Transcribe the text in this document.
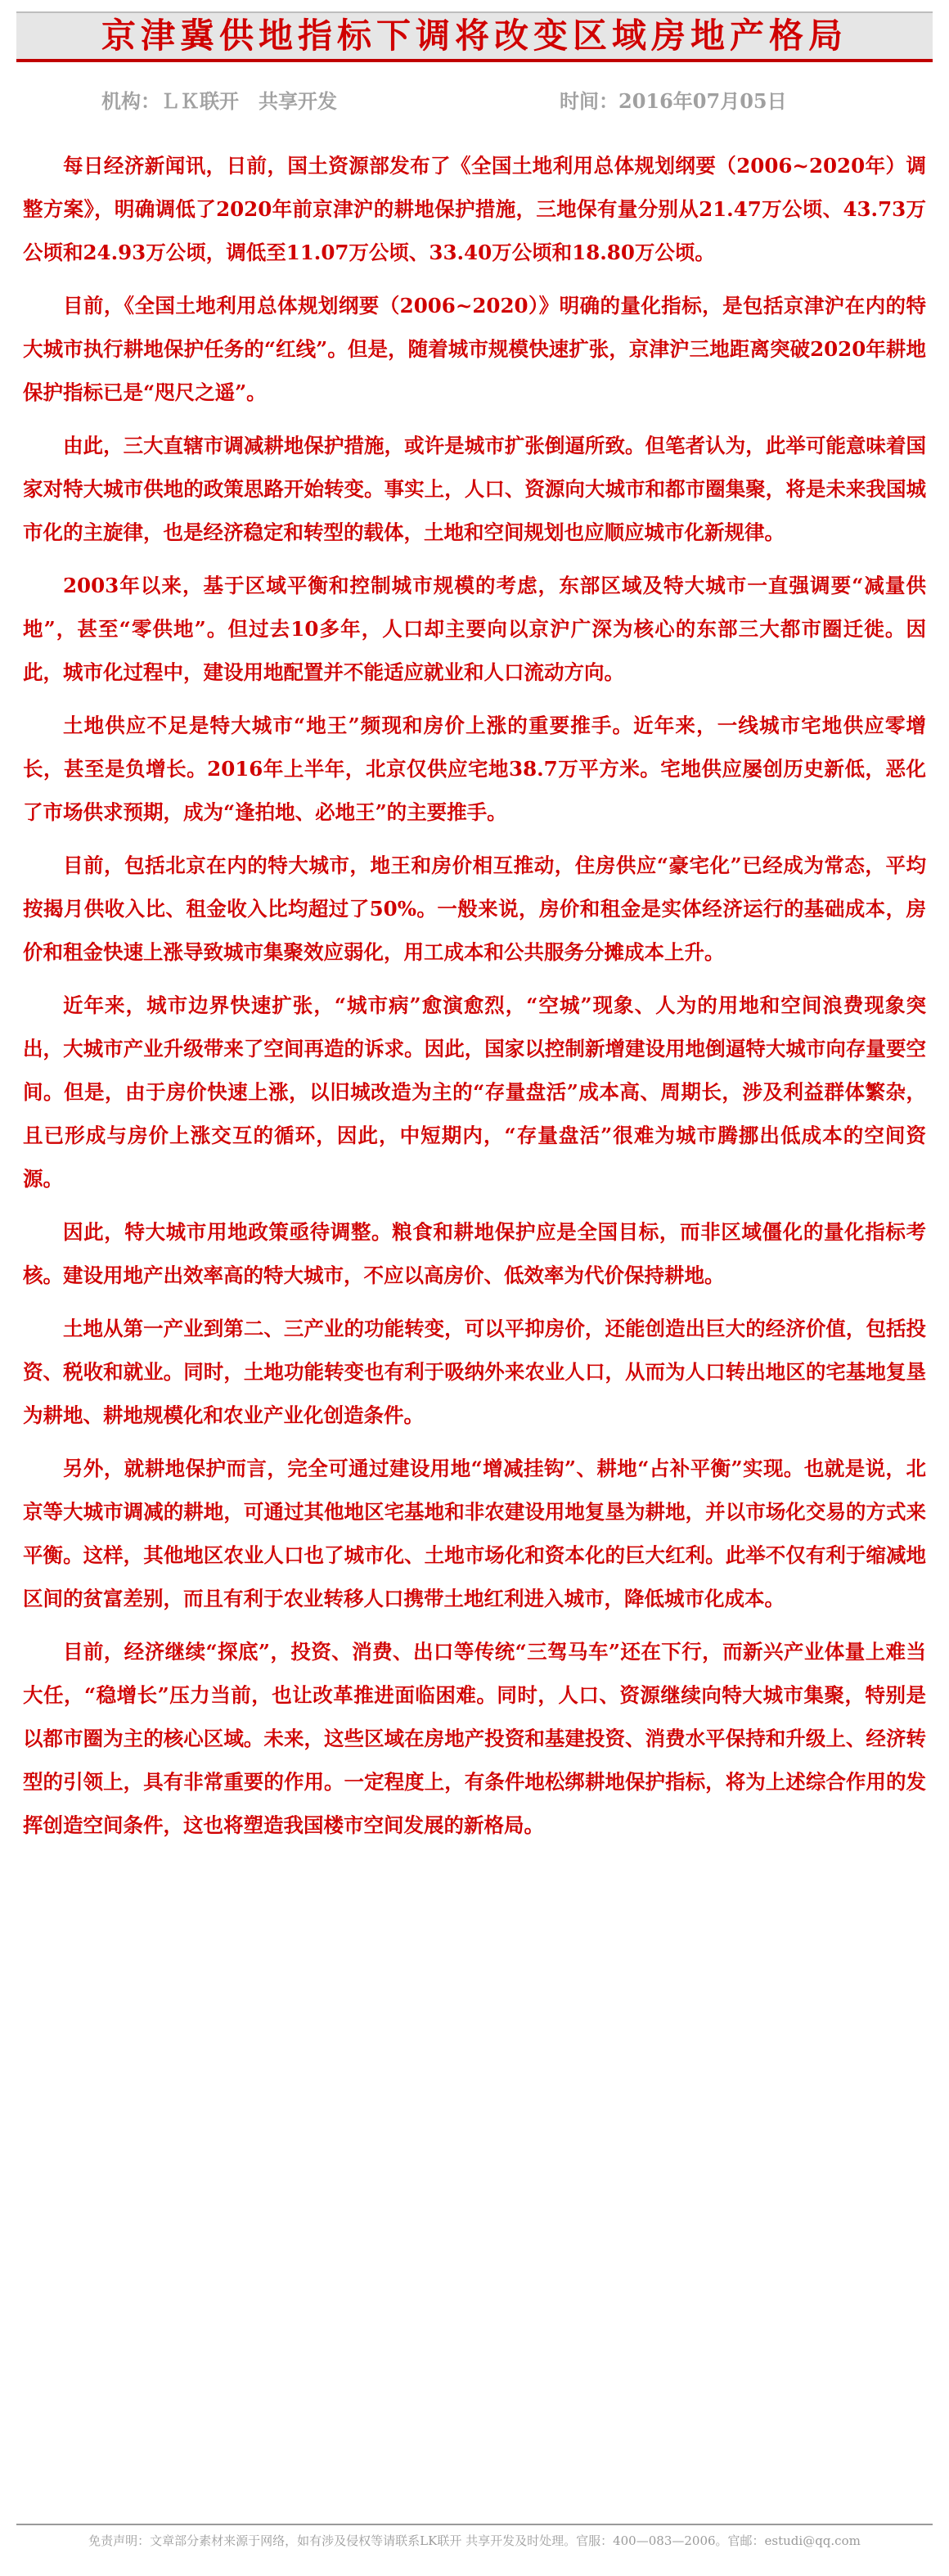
京津冀供地指标下调将改变区域房地产格局
机构：ＬＫ联开　共享开发	时间：2016年07月05日

每日经济新闻讯，日前，国土资源部发布了《全国土地利用总体规划纲要（2006~2020年）调整方案》，明确调低了2020年前京津沪的耕地保护措施，三地保有量分别从21.47万公顷、43.73万公顷和24.93万公顷，调低至11.07万公顷、33.40万公顷和18.80万公顷。

目前，《全国土地利用总体规划纲要（2006~2020）》明确的量化指标，是包括京津沪在内的特大城市执行耕地保护任务的“红线”。但是，随着城市规模快速扩张，京津沪三地距离突破2020年耕地保护指标已是“咫尺之遥”。

由此，三大直辖市调减耕地保护措施，或许是城市扩张倒逼所致。但笔者认为，此举可能意味着国家对特大城市供地的政策思路开始转变。事实上，人口、资源向大城市和都市圈集聚，将是未来我国城市化的主旋律，也是经济稳定和转型的载体，土地和空间规划也应顺应城市化新规律。

2003年以来，基于区域平衡和控制城市规模的考虑，东部区域及特大城市一直强调要“减量供地”，甚至“零供地”。但过去10多年，人口却主要向以京沪广深为核心的东部三大都市圈迁徙。因此，城市化过程中，建设用地配置并不能适应就业和人口流动方向。

土地供应不足是特大城市“地王”频现和房价上涨的重要推手。近年来，一线城市宅地供应零增长，甚至是负增长。2016年上半年，北京仅供应宅地38.7万平方米。宅地供应屡创历史新低，恶化了市场供求预期，成为“逢拍地、必地王”的主要推手。

目前，包括北京在内的特大城市，地王和房价相互推动，住房供应“豪宅化”已经成为常态，平均按揭月供收入比、租金收入比均超过了50%。一般来说，房价和租金是实体经济运行的基础成本，房价和租金快速上涨导致城市集聚效应弱化，用工成本和公共服务分摊成本上升。

近年来，城市边界快速扩张，“城市病”愈演愈烈，“空城”现象、人为的用地和空间浪费现象突出，大城市产业升级带来了空间再造的诉求。因此，国家以控制新增建设用地倒逼特大城市向存量要空间。但是，由于房价快速上涨，以旧城改造为主的“存量盘活”成本高、周期长，涉及利益群体繁杂，且已形成与房价上涨交互的循环，因此，中短期内，“存量盘活”很难为城市腾挪出低成本的空间资源。

因此，特大城市用地政策亟待调整。粮食和耕地保护应是全国目标，而非区域僵化的量化指标考核。建设用地产出效率高的特大城市，不应以高房价、低效率为代价保持耕地。

土地从第一产业到第二、三产业的功能转变，可以平抑房价，还能创造出巨大的经济价值，包括投资、税收和就业。同时，土地功能转变也有利于吸纳外来农业人口，从而为人口转出地区的宅基地复垦为耕地、耕地规模化和农业产业化创造条件。

另外，就耕地保护而言，完全可通过建设用地“增减挂钩”、耕地“占补平衡”实现。也就是说，北京等大城市调减的耕地，可通过其他地区宅基地和非农建设用地复垦为耕地，并以市场化交易的方式来平衡。这样，其他地区农业人口也了城市化、土地市场化和资本化的巨大红利。此举不仅有利于缩减地区间的贫富差别，而且有利于农业转移人口携带土地红利进入城市，降低城市化成本。

目前，经济继续“探底”，投资、消费、出口等传统“三驾马车”还在下行，而新兴产业体量上难当大任，“稳增长”压力当前，也让改革推进面临困难。同时，人口、资源继续向特大城市集聚，特别是以都市圈为主的核心区域。未来，这些区域在房地产投资和基建投资、消费水平保持和升级上、经济转型的引领上，具有非常重要的作用。一定程度上，有条件地松绑耕地保护指标，将为上述综合作用的发挥创造空间条件，这也将塑造我国楼市空间发展的新格局。

免责声明：文章部分素材来源于网络，如有涉及侵权等请联系LK联开 共享开发及时处理。官服：400—083—2006。官邮：estudi@qq.com
